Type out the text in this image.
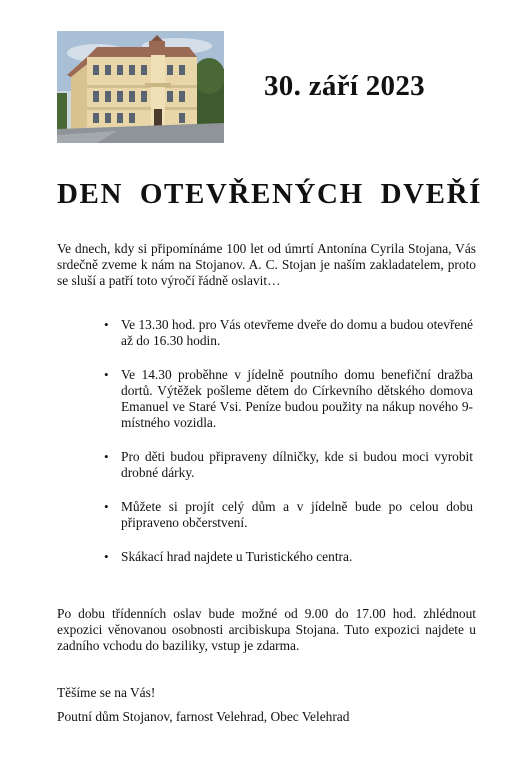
30. září 2023
DEN OTEVŘENÝCH DVEŘÍ
Ve dnech, kdy si připomínáme 100 let od úmrtí Antonína Cyrila Stojana, Vás srdečně zveme k nám na Stojanov. A. C. Stojan je naším zakladatelem, proto se sluší a patří toto výročí řádně oslavit…
• Ve 13.30 hod. pro Vás otevřeme dveře do domu a budou otevřené až do 16.30 hodin.
• Ve 14.30 proběhne v jídelně poutního domu benefiční dražba dortů. Výtěžek pošleme dětem do Církevního dětského domova Emanuel ve Staré Vsi. Peníze budou použity na nákup nového 9-místného vozidla.
• Pro děti budou připraveny dílničky, kde si budou moci vyrobit drobné dárky.
• Můžete si projít celý dům a v jídelně bude po celou dobu připraveno občerstvení.
• Skákací hrad najdete u Turistického centra.
Po dobu třídenních oslav bude možné od 9.00 do 17.00 hod. zhlédnout expozici věnovanou osobnosti arcibiskupa Stojana. Tuto expozici najdete u zadního vchodu do baziliky, vstup je zdarma.
Těšíme se na Vás!
Poutní dům Stojanov, farnost Velehrad, Obec Velehrad
